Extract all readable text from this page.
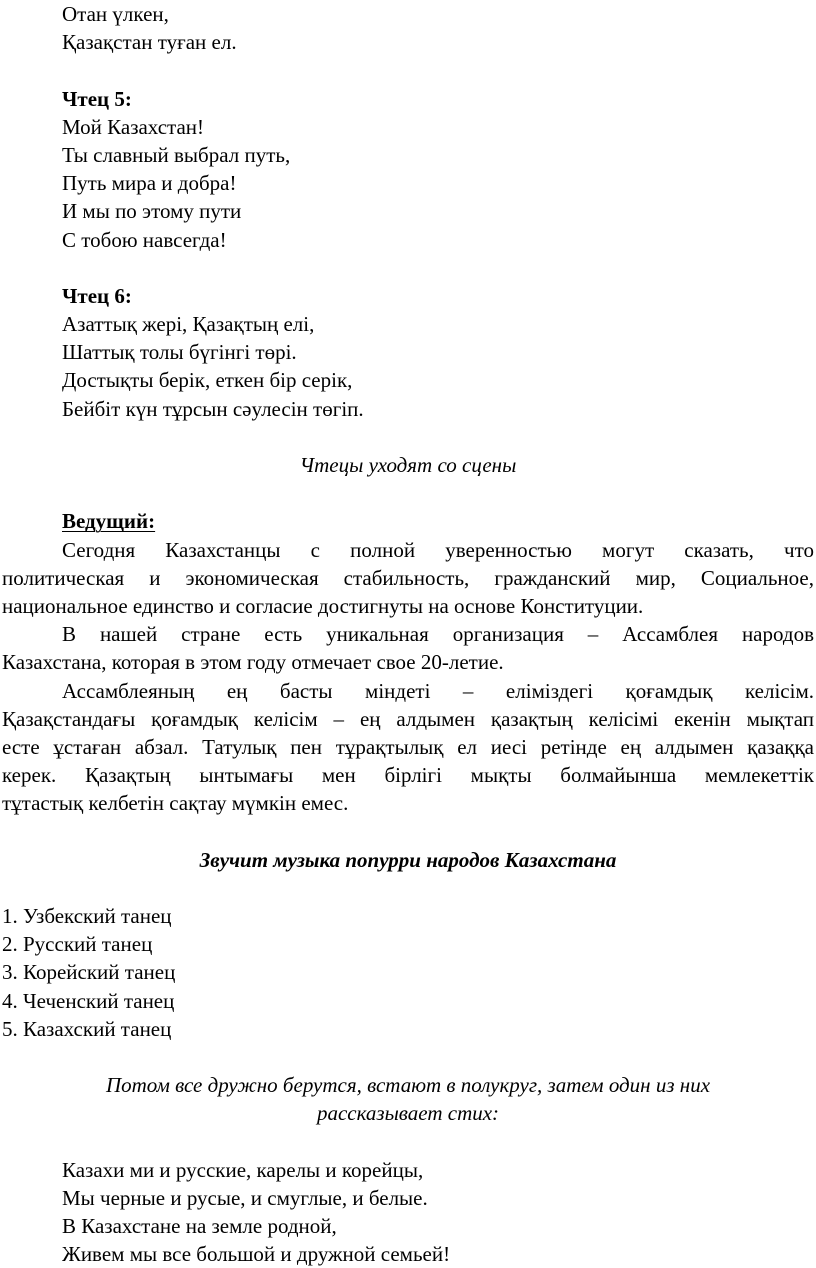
Отан үлкен,
Қазақстан туған ел.
Чтец 5:
Мой Казахстан!
Ты славный выбрал путь,
Путь мира и добра!
И мы по этому пути
С тобою навсегда!
Чтец 6:
Азаттық жері, Қазақтың елі,
Шаттық толы бүгінгі төрі.
Достықты берік, еткен бір серік,
Бейбіт күн тұрсын сәулесін төгіп.
Чтецы уходят со сцены
Ведущий:
Сегодня Казахстанцы с полной уверенностью могут сказать, что
политическая и экономическая стабильность, гражданский мир, Социальное,
национальное единство и согласие достигнуты на основе Конституции.
В нашей стране есть уникальная организация – Ассамблея народов
Казахстана, которая в этом году отмечает свое 20-летие.
Ассамблеяның ең басты міндеті – еліміздегі қоғамдық келісім.
Қазақстандағы қоғамдық келісім – ең алдымен қазақтың келісімі екенін мықтап
есте ұстаған абзал. Татулық пен тұрақтылық ел иесі ретінде ең алдымен қазаққа
керек. Қазақтың ынтымағы мен бірлігі мықты болмайынша мемлекеттік
тұтастық келбетін сақтау мүмкін емес.
Звучит музыка попурри народов Казахстана
1. Узбекский танец
2. Русский танец
3. Корейский танец
4. Чеченский танец
5. Казахский танец
Потом все дружно берутся, встают в полукруг, затем один из них
рассказывает стих:
Казахи ми и русские, карелы и корейцы,
Мы черные и русые, и смуглые, и белые.
В Казахстане на земле родной,
Живем мы все большой и дружной семьей!
